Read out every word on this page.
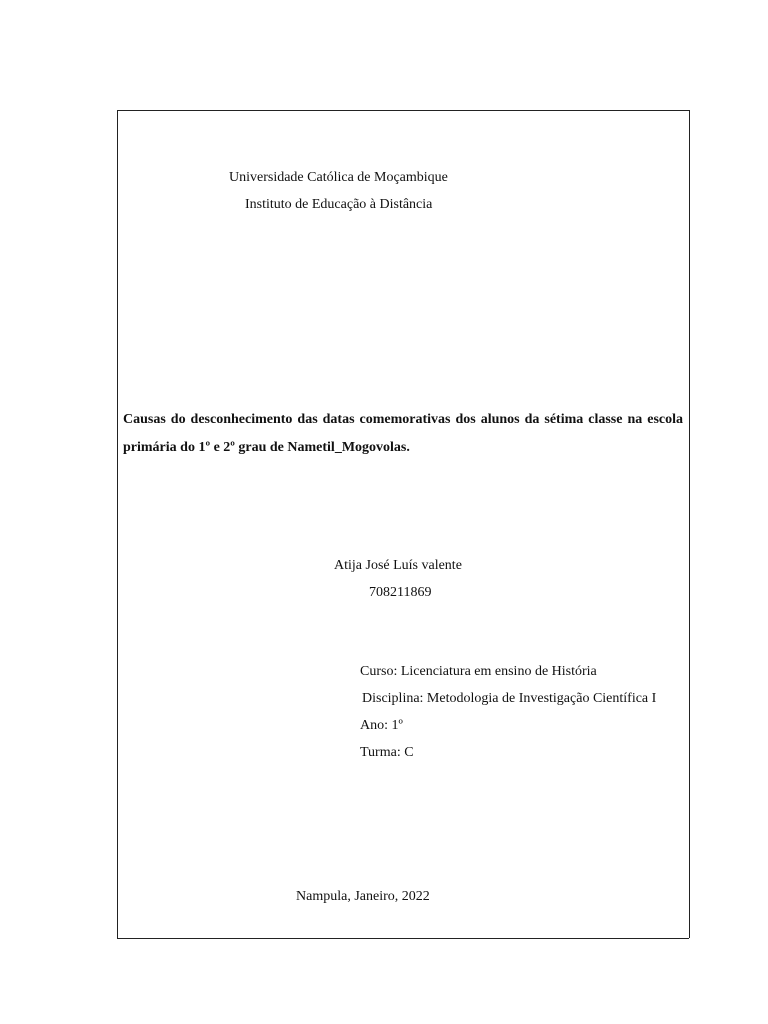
Universidade Católica de Moçambique
Instituto de Educação à Distância
Causas do desconhecimento das datas comemorativas dos alunos da sétima classe na escola primária do 1º e 2º grau de Nametil_Mogovolas.
Atija José Luís valente
708211869
Curso: Licenciatura em ensino de História
Disciplina: Metodologia de Investigação Científica I
Ano: 1º
Turma: C
Nampula, Janeiro, 2022
